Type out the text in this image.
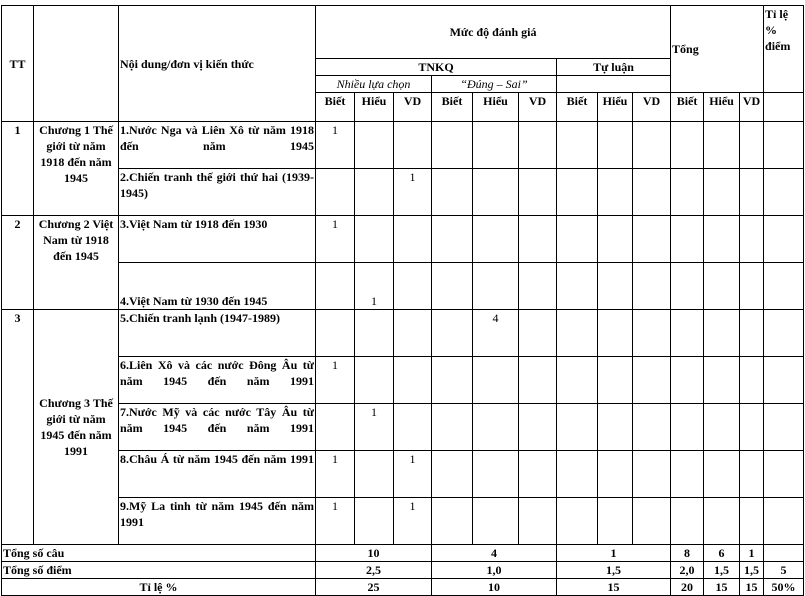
TT		Nội dung/đơn vị kiến thức	Mức độ đánh giá									Tổng			Tỉ lệ % điểm
			TNKQ						Tự luận						
			Nhiều lựa chọn			“Đúng – Sai”									
			Biết	Hiểu	VD	Biết	Hiểu	VD	Biết	Hiểu	VD	Biết	Hiểu	VD	
1	Chương 1 Thế giới từ năm 1918 đến năm 1945	1.Nước Nga và Liên Xô từ năm 1918 đến năm 1945	1												
		2.Chiến tranh thế giới thứ hai (1939-1945)			1										
2	Chương 2 Việt Nam từ 1918 đến 1945	3.Việt Nam từ 1918 đến 1930	1												
		4.Việt Nam từ 1930 đến 1945		1											
3	Chương 3 Thế giới từ năm 1945 đến năm 1991	5.Chiến tranh lạnh (1947-1989)					4								
		6.Liên Xô và các nước Đông Âu từ năm 1945 đến năm 1991	1												
		7.Nước Mỹ và các nước Tây Âu từ năm 1945 đến năm 1991		1											
		8.Châu Á từ năm 1945 đến năm 1991	1		1										
		9.Mỹ La tinh từ năm 1945 đến năm 1991	1		1										
Tổng số câu			10			4			1			8	6	1	
Tổng số điểm			2,5			1,0			1,5			2,0	1,5	1,5	5
Tỉ lệ %			25			10			15			20	15	15	50%
